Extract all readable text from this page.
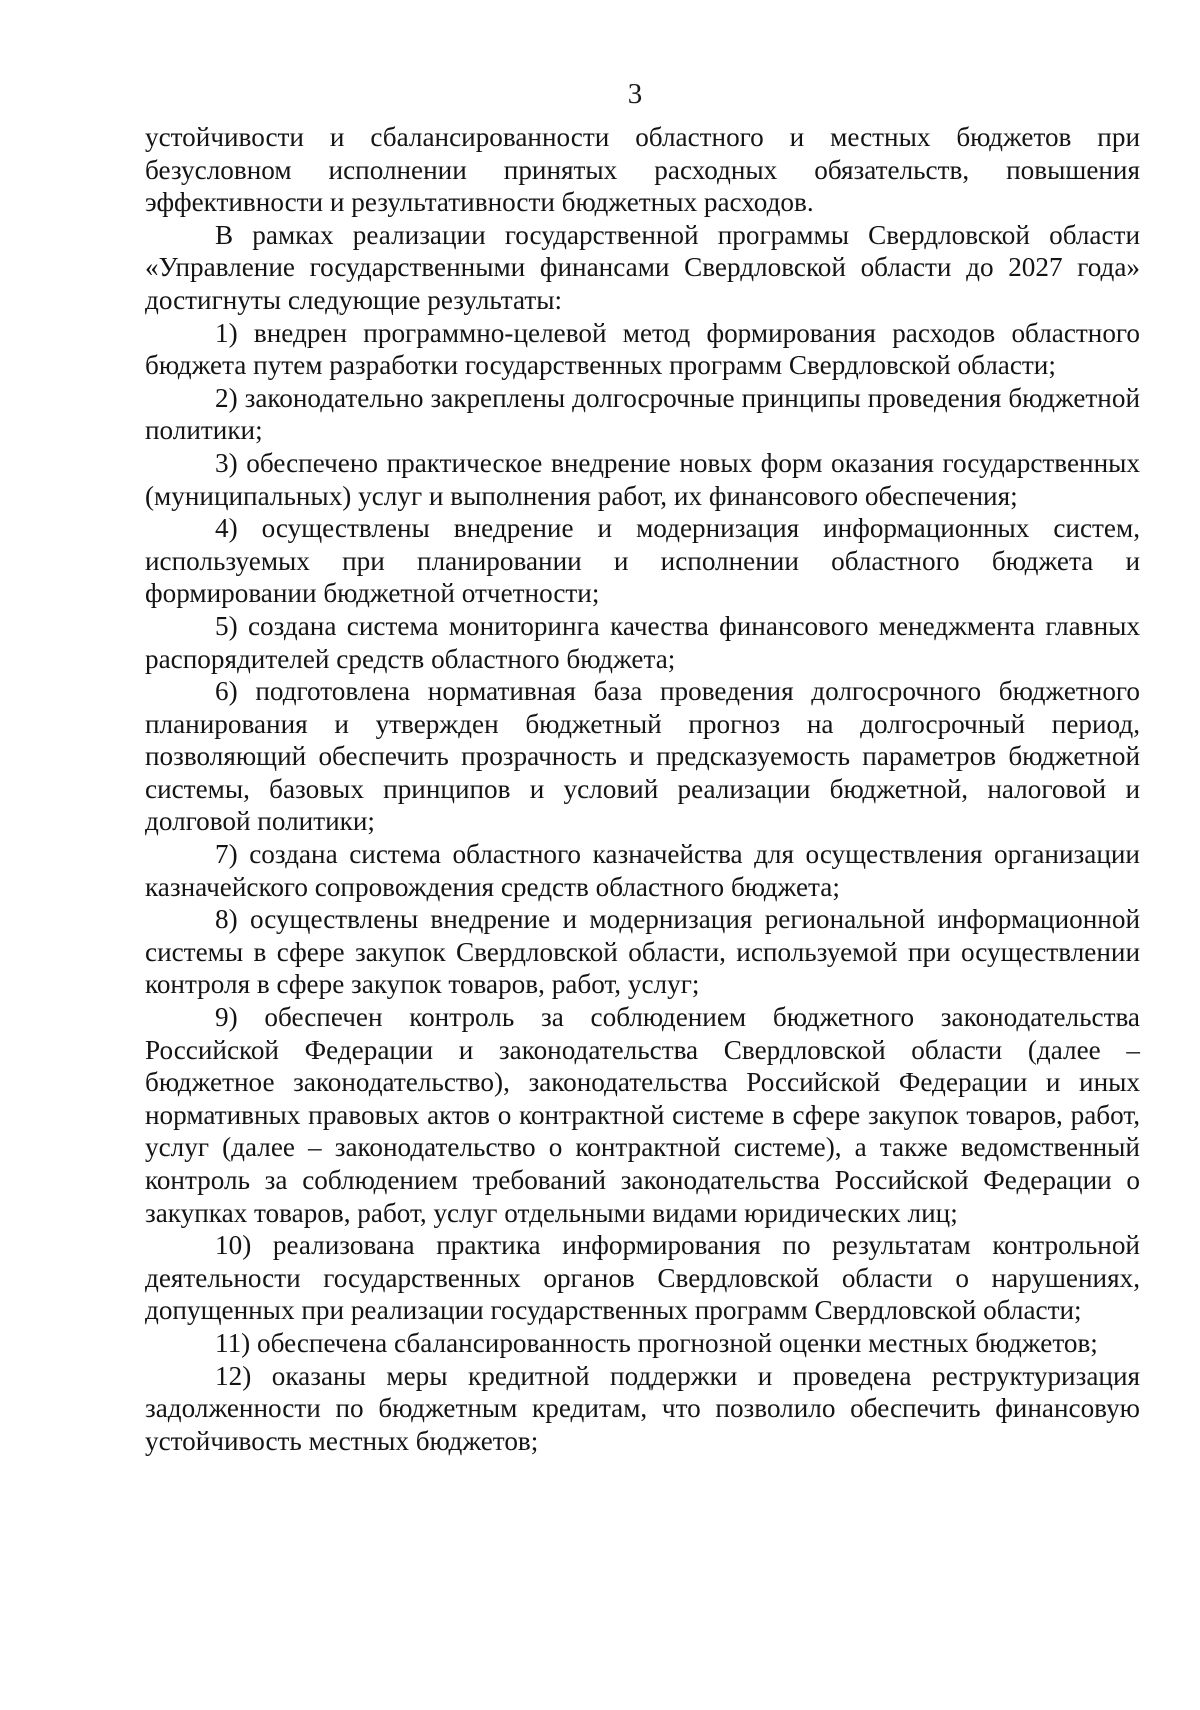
3

устойчивости и сбалансированности областного и местных бюджетов при безусловном исполнении принятых расходных обязательств, повышения эффективности и результативности бюджетных расходов.

В рамках реализации государственной программы Свердловской области «Управление государственными финансами Свердловской области до 2027 года» достигнуты следующие результаты:

1) внедрен программно-целевой метод формирования расходов областного бюджета путем разработки государственных программ Свердловской области;

2) законодательно закреплены долгосрочные принципы проведения бюджетной политики;

3) обеспечено практическое внедрение новых форм оказания государственных (муниципальных) услуг и выполнения работ, их финансового обеспечения;

4) осуществлены внедрение и модернизация информационных систем, используемых при планировании и исполнении областного бюджета и формировании бюджетной отчетности;

5) создана система мониторинга качества финансового менеджмента главных распорядителей средств областного бюджета;

6) подготовлена нормативная база проведения долгосрочного бюджетного планирования и утвержден бюджетный прогноз на долгосрочный период, позволяющий обеспечить прозрачность и предсказуемость параметров бюджетной системы, базовых принципов и условий реализации бюджетной, налоговой и долговой политики;

7) создана система областного казначейства для осуществления организации казначейского сопровождения средств областного бюджета;

8) осуществлены внедрение и модернизация региональной информационной системы в сфере закупок Свердловской области, используемой при осуществлении контроля в сфере закупок товаров, работ, услуг;

9) обеспечен контроль за соблюдением бюджетного законодательства Российской Федерации и законодательства Свердловской области (далее – бюджетное законодательство), законодательства Российской Федерации и иных нормативных правовых актов о контрактной системе в сфере закупок товаров, работ, услуг (далее – законодательство о контрактной системе), а также ведомственный контроль за соблюдением требований законодательства Российской Федерации о закупках товаров, работ, услуг отдельными видами юридических лиц;

10) реализована практика информирования по результатам контрольной деятельности государственных органов Свердловской области о нарушениях, допущенных при реализации государственных программ Свердловской области;

11) обеспечена сбалансированность прогнозной оценки местных бюджетов;

12) оказаны меры кредитной поддержки и проведена реструктуризация задолженности по бюджетным кредитам, что позволило обеспечить финансовую устойчивость местных бюджетов;
